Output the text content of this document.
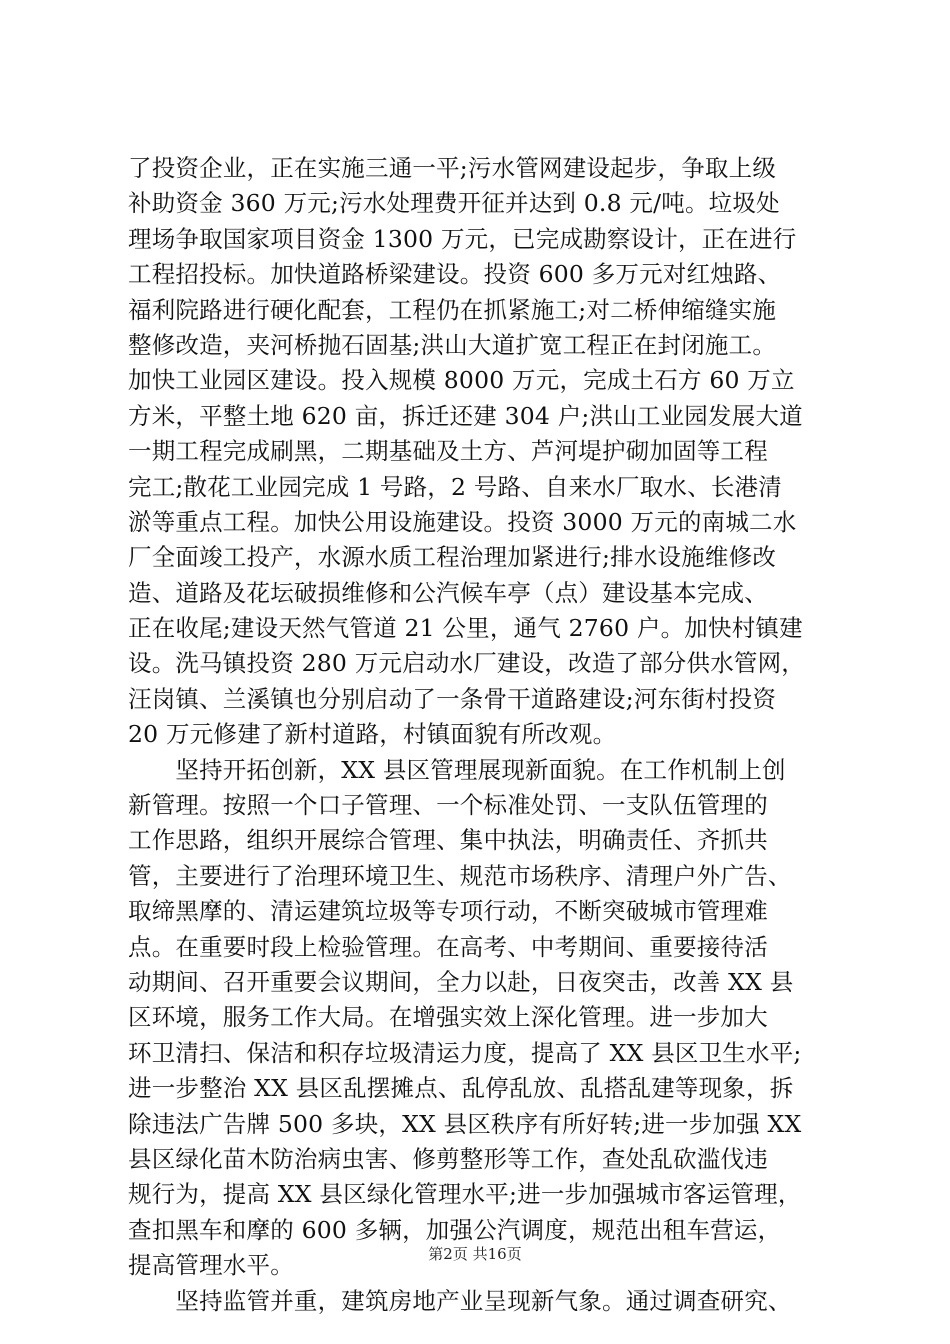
了投资企业，正在实施三通一平;污水管网建设起步，争取上级
补助资金 360 万元;污水处理费开征并达到 0.8 元/吨。垃圾处
理场争取国家项目资金 1300 万元，已完成勘察设计，正在进行
工程招投标。加快道路桥梁建设。投资 600 多万元对红烛路、
福利院路进行硬化配套，工程仍在抓紧施工;对二桥伸缩缝实施
整修改造，夹河桥抛石固基;洪山大道扩宽工程正在封闭施工。
加快工业园区建设。投入规模 8000 万元，完成土石方 60 万立
方米，平整土地 620 亩，拆迁还建 304 户;洪山工业园发展大道
一期工程完成刷黑，二期基础及土方、芦河堤护砌加固等工程
完工;散花工业园完成 1 号路，2 号路、自来水厂取水、长港清
淤等重点工程。加快公用设施建设。投资 3000 万元的南城二水
厂全面竣工投产，水源水质工程治理加紧进行;排水设施维修改
造、道路及花坛破损维修和公汽候车亭（点）建设基本完成、
正在收尾;建设天然气管道 21 公里，通气 2760 户。加快村镇建
设。洗马镇投资 280 万元启动水厂建设，改造了部分供水管网，
汪岗镇、兰溪镇也分别启动了一条骨干道路建设;河东街村投资
20 万元修建了新村道路，村镇面貌有所改观。
　　坚持开拓创新，XX 县区管理展现新面貌。在工作机制上创
新管理。按照一个口子管理、一个标准处罚、一支队伍管理的
工作思路，组织开展综合管理、集中执法，明确责任、齐抓共
管，主要进行了治理环境卫生、规范市场秩序、清理户外广告、
取缔黑摩的、清运建筑垃圾等专项行动，不断突破城市管理难
点。在重要时段上检验管理。在高考、中考期间、重要接待活
动期间、召开重要会议期间，全力以赴，日夜突击，改善 XX 县
区环境，服务工作大局。在增强实效上深化管理。进一步加大
环卫清扫、保洁和积存垃圾清运力度，提高了 XX 县区卫生水平;
进一步整治 XX 县区乱摆摊点、乱停乱放、乱搭乱建等现象，拆
除违法广告牌 500 多块，XX 县区秩序有所好转;进一步加强 XX
县区绿化苗木防治病虫害、修剪整形等工作，查处乱砍滥伐违
规行为，提高 XX 县区绿化管理水平;进一步加强城市客运管理，
查扣黑车和摩的 600 多辆，加强公汽调度，规范出租车营运，
提高管理水平。
　　坚持监管并重，建筑房地产业呈现新气象。通过调查研究、
第2页 共16页
